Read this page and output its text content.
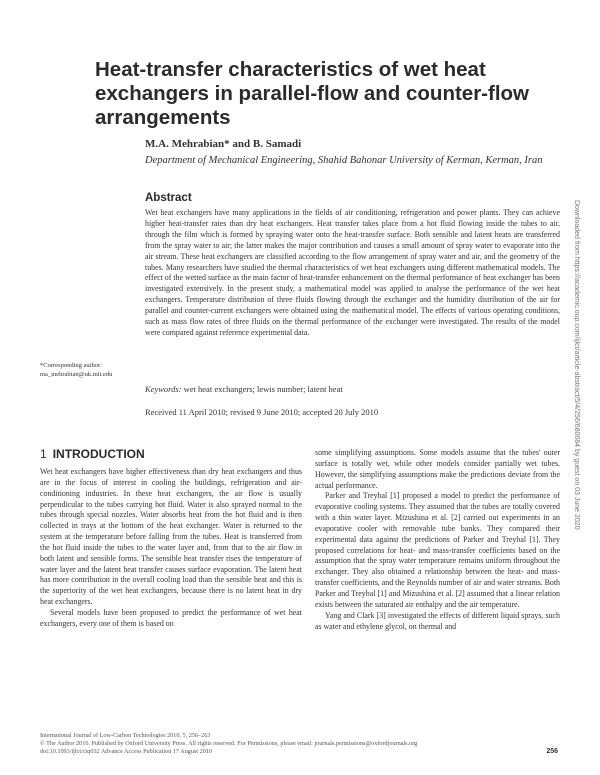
Heat-transfer characteristics of wet heat exchangers in parallel-flow and counter-flow arrangements
M.A. Mehrabian* and B. Samadi
Department of Mechanical Engineering, Shahid Bahonar University of Kerman, Kerman, Iran
Abstract
Wet heat exchangers have many applications in the fields of air conditioning, refrigeration and power plants. They can achieve higher heat-transfer rates than dry heat exchangers. Heat transfer takes place from a hot fluid flowing inside the tubes to air, through the film which is formed by spraying water onto the heat-transfer surface. Both sensible and latent heats are transferred from the spray water to air; the latter makes the major contribution and causes a small amount of spray water to evaporate into the air stream. These heat exchangers are classified according to the flow arrangement of spray water and air, and the geometry of the tubes. Many researchers have studied the thermal characteristics of wet heat exchangers using different mathematical models. The effect of the wetted surface as the main factor of heat-transfer enhancement on the thermal performance of heat exchanger has been investigated extensively. In the present study, a mathematical model was applied to analyse the performance of the wet heat exchangers. Temperature distribution of three fluids flowing through the exchanger and the humidity distribution of the air for parallel and counter-current exchangers were obtained using the mathematical model. The effects of various operating conditions, such as mass flow rates of three fluids on the thermal performance of the exchanger were investigated. The results of the model were compared against reference experimental data.
*Corresponding author: ma_mehrabian@uk.mit.edu
Keywords: wet heat exchangers; lewis number; latent heat
Received 11 April 2010; revised 9 June 2010; accepted 20 July 2010
1 INTRODUCTION

Wet heat exchangers have higher effectiveness than dry heat exchangers and thus are in the focus of interest in cooling the buildings, refrigeration and air-conditioning industries. In these heat exchangers, the air flow is usually perpendicular to the tubes carrying hot fluid. Water is also sprayed normal to the tubes through special nozzles. Water absorbs heat from the hot fluid and is then collected in trays at the bottom of the heat exchanger. Water is returned to the system at the temperature before falling from the tubes. Heat is transferred from the hot fluid inside the tubes to the water layer and, from that to the air flow in both latent and sensible forms. The sensible heat transfer rises the temperature of water layer and the latent heat transfer causes surface evaporation. The latent heat has more contribution in the overall cooling load than the sensible heat and this is the superiority of the wet heat exchangers, because there is no latent heat in dry heat exchangers.

Several models have been proposed to predict the performance of wet heat exchangers, every one of them is based on

some simplifying assumptions. Some models assume that the tubes' outer surface is totally wet, while other models consider partially wet tubes. However, the simplifying assumptions make the predictions deviate from the actual performance.

Parker and Treybal [1] proposed a model to predict the performance of evaporative cooling systems. They assumed that the tubes are totally covered with a thin water layer. Mizushina et al. [2] carried out experiments in an evaporative cooler with removable tube banks. They compared their experimental data against the predictions of Parker and Treybal [1]. They proposed correlations for heat- and mass-transfer coefficients based on the assumption that the spray water temperature remains uniform throughout the exchanger. They also obtained a relationship between the heat- and mass-transfer coefficients, and the Reynolds number of air and water streams. Both Parker and Treybal [1] and Mizushina et al. [2] assumed that a linear relation exists between the saturated air enthalpy and the air temperature.

Yang and Clark [3] investigated the effects of different liquid sprays, such as water and ethylene glycol, on thermal and

Downloaded from https://academic.oup.com/ijlct/article-abstract/5/4/256/680684 by guest on 03 June 2020
International Journal of Low-Carbon Technologies 2010, 5, 256–263
© The Author 2010. Published by Oxford University Press. All rights reserved. For Permissions, please email: journals.permissions@oxfordjournals.org
doi:10.1093/ijlct/ctq032 Advance Access Publication 17 August 2010	256
